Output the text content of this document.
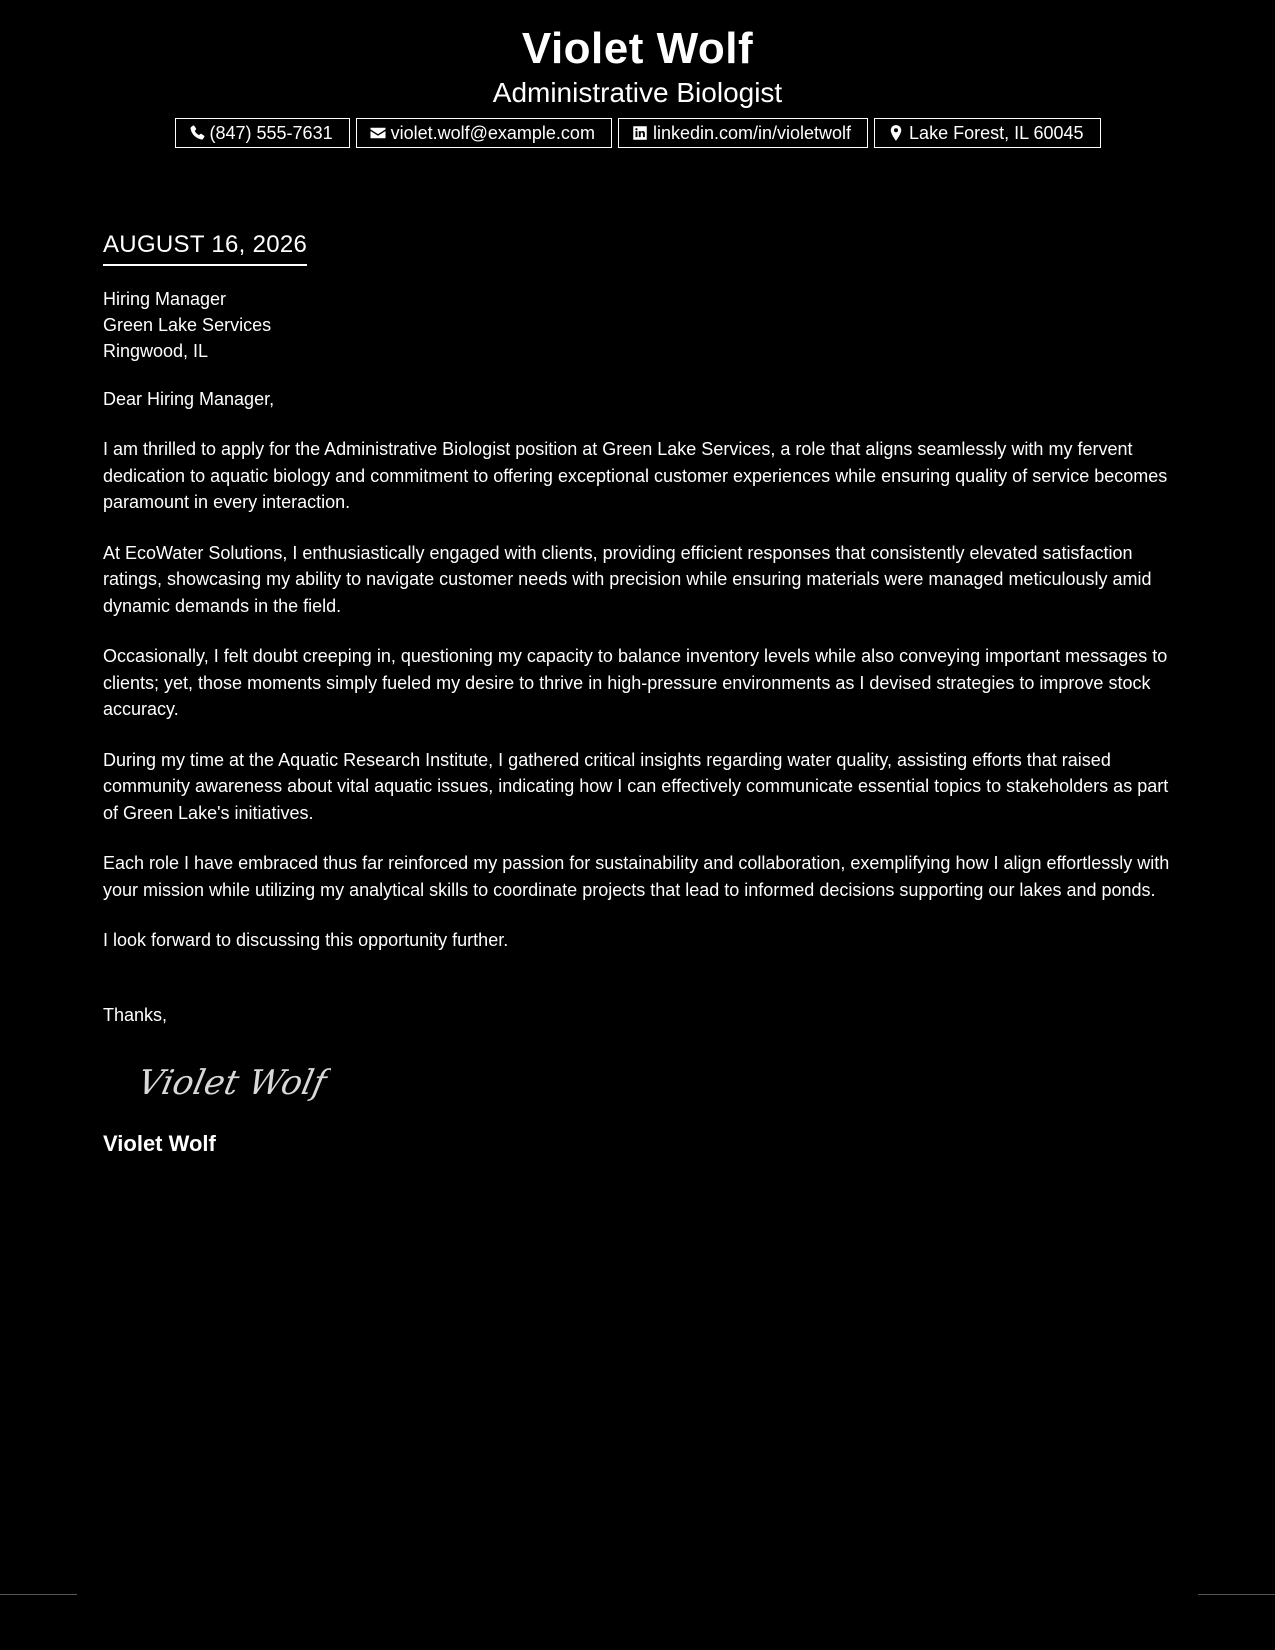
Violet Wolf
Administrative Biologist
(847) 555-7631	violet.wolf@example.com	linkedin.com/in/violetwolf	Lake Forest, IL 60045
AUGUST 16, 2026
Hiring Manager
Green Lake Services
Ringwood, IL
Dear Hiring Manager,
I am thrilled to apply for the Administrative Biologist position at Green Lake Services, a role that aligns seamlessly with my fervent dedication to aquatic biology and commitment to offering exceptional customer experiences while ensuring quality of service becomes paramount in every interaction.
At EcoWater Solutions, I enthusiastically engaged with clients, providing efficient responses that consistently elevated satisfaction ratings, showcasing my ability to navigate customer needs with precision while ensuring materials were managed meticulously amid dynamic demands in the field.
Occasionally, I felt doubt creeping in, questioning my capacity to balance inventory levels while also conveying important messages to clients; yet, those moments simply fueled my desire to thrive in high-pressure environments as I devised strategies to improve stock accuracy.
During my time at the Aquatic Research Institute, I gathered critical insights regarding water quality, assisting efforts that raised community awareness about vital aquatic issues, indicating how I can effectively communicate essential topics to stakeholders as part of Green Lake's initiatives.
Each role I have embraced thus far reinforced my passion for sustainability and collaboration, exemplifying how I align effortlessly with your mission while utilizing my analytical skills to coordinate projects that lead to informed decisions supporting our lakes and ponds.
I look forward to discussing this opportunity further.
Thanks,
Violet Wolf
Violet Wolf
